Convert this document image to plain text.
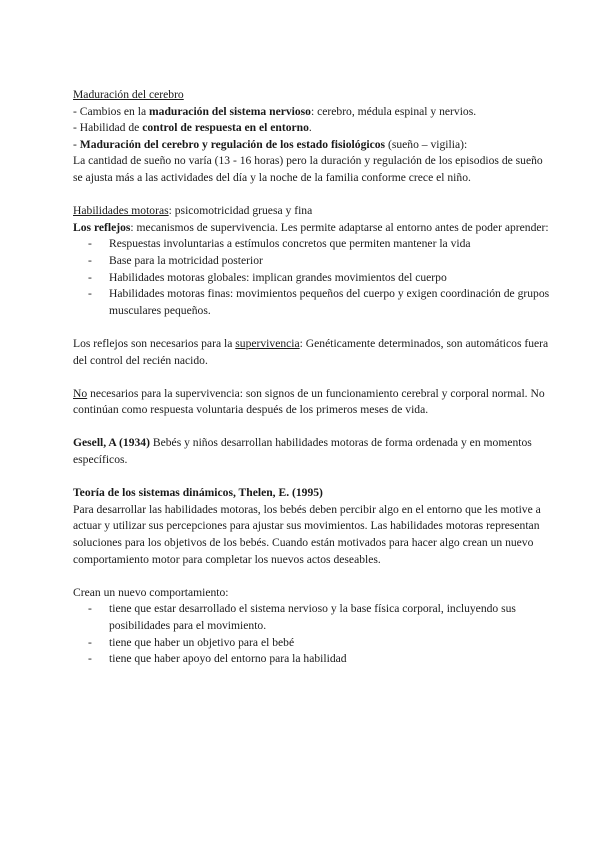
Maduración del cerebro

- Cambios en la maduración del sistema nervioso: cerebro, médula espinal y nervios.

- Habilidad de control de respuesta en el entorno.

- Maduración del cerebro y regulación de los estado fisiológicos (sueño – vigilia):

La cantidad de sueño no varía (13 - 16 horas) pero la duración y regulación de los episodios de sueño se ajusta más a las actividades del día y la noche de la familia conforme crece el niño.

Habilidades motoras: psicomotricidad gruesa y fina

Los reflejos: mecanismos de supervivencia. Les permite adaptarse al entorno antes de poder aprender:

- Respuestas involuntarias a estímulos concretos que permiten mantener la vida
- Base para la motricidad posterior
- Habilidades motoras globales: implican grandes movimientos del cuerpo
- Habilidades motoras finas: movimientos pequeños del cuerpo y exigen coordinación de grupos musculares pequeños.

Los reflejos son necesarios para la supervivencia: Genéticamente determinados, son automáticos fuera del control del recién nacido.

No necesarios para la supervivencia: son signos de un funcionamiento cerebral y corporal normal. No continúan como respuesta voluntaria después de los primeros meses de vida.

Gesell, A (1934) Bebés y niños desarrollan habilidades motoras de forma ordenada y en momentos específicos.

Teoría de los sistemas dinámicos, Thelen, E. (1995)

Para desarrollar las habilidades motoras, los bebés deben percibir algo en el entorno que les motive a actuar y utilizar sus percepciones para ajustar sus movimientos. Las habilidades motoras representan soluciones para los objetivos de los bebés. Cuando están motivados para hacer algo crean un nuevo comportamiento motor para completar los nuevos actos deseables.

Crean un nuevo comportamiento:

- tiene que estar desarrollado el sistema nervioso y la base física corporal, incluyendo sus posibilidades para el movimiento.
- tiene que haber un objetivo para el bebé
- tiene que haber apoyo del entorno para la habilidad
